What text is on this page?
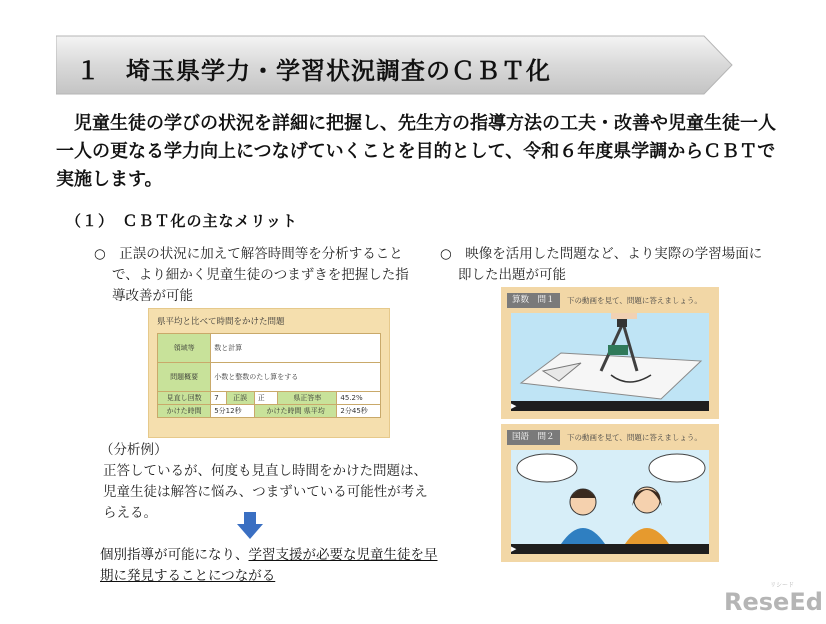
１　埼玉県学力・学習状況調査のＣＢＴ化

児童生徒の学びの状況を詳細に把握し、先生方の指導方法の工夫・改善や児童生徒一人一人の更なる学力向上につなげていくことを目的として、令和６年度県学調からＣＢＴで実施します。

（１）　ＣＢＴ化の主なメリット

○　正誤の状況に加えて解答時間等を分析することで、より細かく児童生徒のつまずきを把握した指導改善が可能

○　映像を活用した問題など、より実際の学習場面に即した出題が可能

県平均と比べて時間をかけた問題
領域等	数と計算				
問題概要	小数と整数のたし算をする				
見直し回数	7	正誤	正	県正答率	45.2%
かけた時間	5分12秒		かけた時間 県平均		2分45秒
（分析例）
正答しているが、何度も見直し時間をかけた問題は、児童生徒は解答に悩み、つまずいている可能性が考えらえる。
個別指導が可能になり、学習支援が必要な児童生徒を早期に発見することにつながる
算数　問１	下の動画を見て、問題に答えましょう。
▶
国語　問２	下の動画を見て、問題に答えましょう。
▶
リシード
ReseEd
